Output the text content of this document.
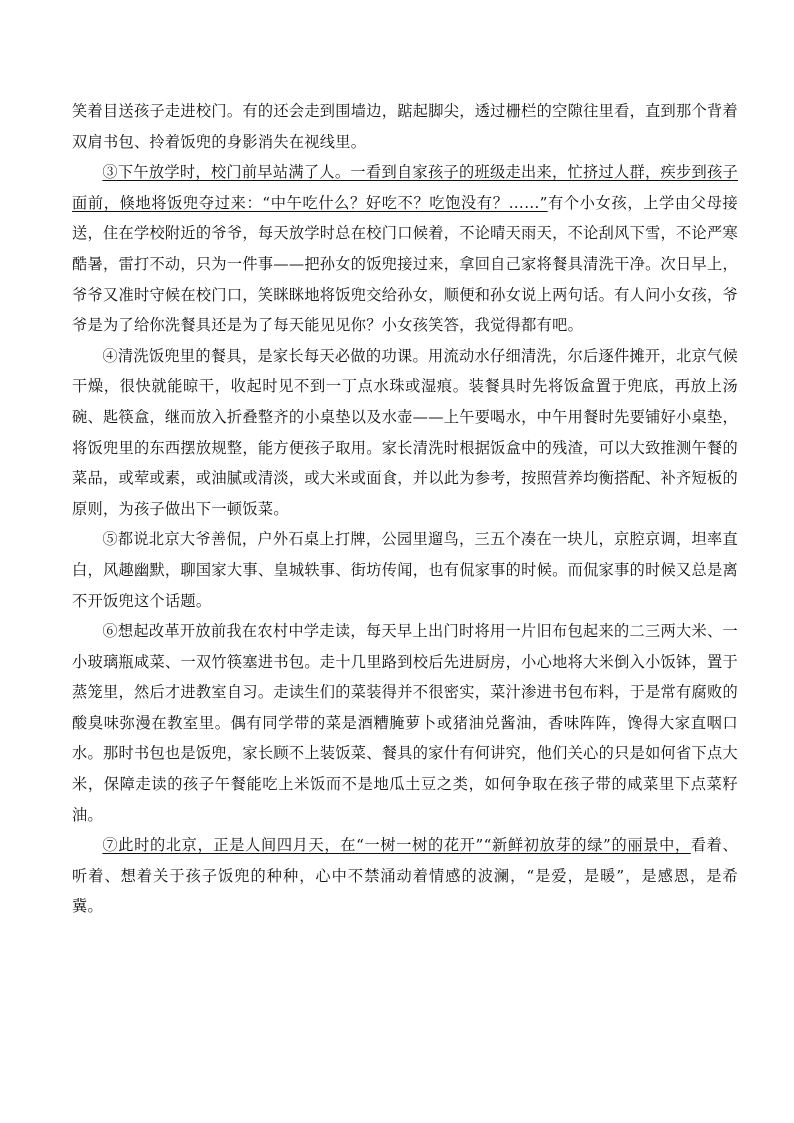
笑着目送孩子走进校门。有的还会走到围墙边，踮起脚尖，透过栅栏的空隙往里看，直到那个背着双肩书包、拎着饭兜的身影消失在视线里。

③下午放学时，校门前早站满了人。一看到自家孩子的班级走出来，忙挤过人群，疾步到孩子面前，倏地将饭兜夺过来：“中午吃什么？好吃不？吃饱没有？……”有个小女孩，上学由父母接送，住在学校附近的爷爷，每天放学时总在校门口候着，不论晴天雨天，不论刮风下雪，不论严寒酷暑，雷打不动，只为一件事——把孙女的饭兜接过来，拿回自己家将餐具清洗干净。次日早上，爷爷又准时守候在校门口，笑眯眯地将饭兜交给孙女，顺便和孙女说上两句话。有人问小女孩，爷爷是为了给你洗餐具还是为了每天能见见你？小女孩笑答，我觉得都有吧。

④清洗饭兜里的餐具，是家长每天必做的功课。用流动水仔细清洗，尔后逐件摊开，北京气候干燥，很快就能晾干，收起时见不到一丁点水珠或湿痕。装餐具时先将饭盒置于兜底，再放上汤碗、匙筷盒，继而放入折叠整齐的小桌垫以及水壶——上午要喝水，中午用餐时先要铺好小桌垫，将饭兜里的东西摆放规整，能方便孩子取用。家长清洗时根据饭盒中的残渣，可以大致推测午餐的菜品，或荤或素，或油腻或清淡，或大米或面食，并以此为参考，按照营养均衡搭配、补齐短板的原则，为孩子做出下一顿饭菜。

⑤都说北京大爷善侃，户外石桌上打牌，公园里遛鸟，三五个凑在一块儿，京腔京调，坦率直白，风趣幽默，聊国家大事、皇城轶事、街坊传闻，也有侃家事的时候。而侃家事的时候又总是离不开饭兜这个话题。

⑥想起改革开放前我在农村中学走读，每天早上出门时将用一片旧布包起来的二三两大米、一小玻璃瓶咸菜、一双竹筷塞进书包。走十几里路到校后先进厨房，小心地将大米倒入小饭钵，置于蒸笼里，然后才进教室自习。走读生们的菜装得并不很密实，菜汁渗进书包布料，于是常有腐败的酸臭味弥漫在教室里。偶有同学带的菜是酒糟腌萝卜或猪油兑酱油，香味阵阵，馋得大家直咽口水。那时书包也是饭兜，家长顾不上装饭菜、餐具的家什有何讲究，他们关心的只是如何省下点大米，保障走读的孩子午餐能吃上米饭而不是地瓜土豆之类，如何争取在孩子带的咸菜里下点菜籽油。

⑦此时的北京，正是人间四月天，在“一树一树的花开”“新鲜初放芽的绿”的丽景中，看着、听着、想着关于孩子饭兜的种种，心中不禁涌动着情感的波澜，“是爱，是暖”，是感恩，是希冀。
